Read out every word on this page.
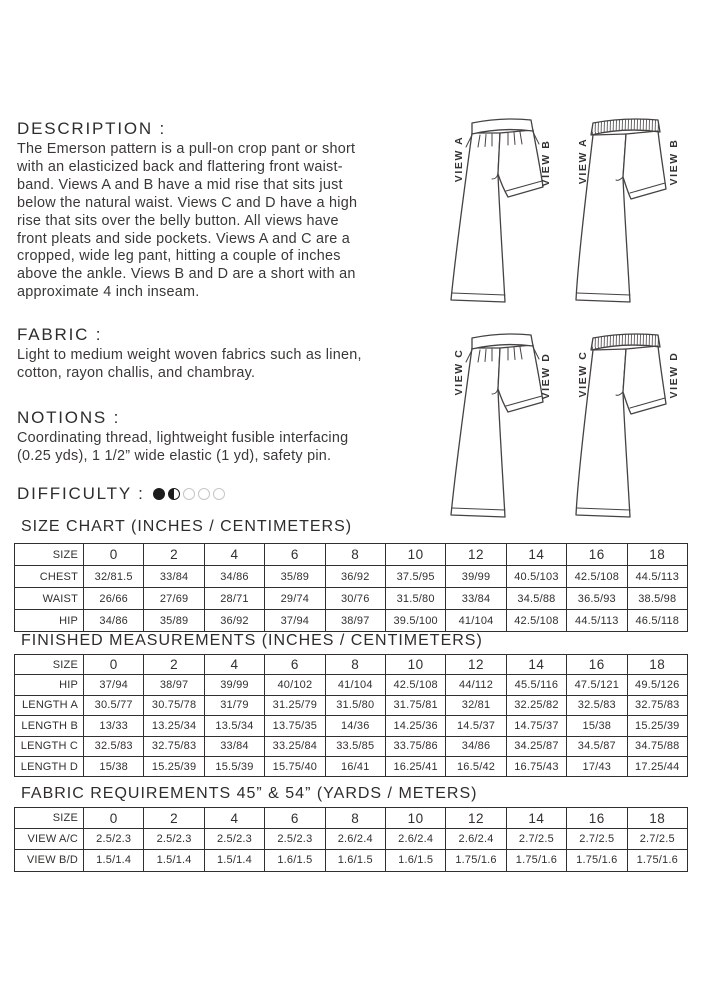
DESCRIPTION :
The Emerson pattern is a pull-on crop pant or short
with an elasticized back and flattering front waist-
band. Views A and B have a mid rise that sits just
below the natural waist. Views C and D have a high
rise that sits over the belly button. All views have
front pleats and side pockets. Views A and C are a
cropped, wide leg pant, hitting a couple of inches
above the ankle. Views B and D are a short with an
approximate 4 inch inseam.
FABRIC :
Light to medium weight woven fabrics such as linen,
cotton, rayon challis, and chambray.
NOTIONS :
Coordinating thread, lightweight fusible interfacing
(0.25 yds), 1 1/2” wide elastic (1 yd), safety pin.
DIFFICULTY :
VIEW A	VIEW B VIEW A	VIEW B
VIEW C	VIEW D VIEW C	VIEW D
SIZE CHART (INCHES / CENTIMETERS)
SIZE	0	2	4	6	8	10	12	14	16	18
CHEST	32/81.5	33/84	34/86	35/89	36/92	37.5/95	39/99	40.5/103	42.5/108	44.5/113
WAIST	26/66	27/69	28/71	29/74	30/76	31.5/80	33/84	34.5/88	36.5/93	38.5/98
HIP	34/86	35/89	36/92	37/94	38/97	39.5/100	41/104	42.5/108	44.5/113	46.5/118
FINISHED MEASUREMENTS (INCHES / CENTIMETERS)
SIZE	0	2	4	6	8	10	12	14	16	18
HIP	37/94	38/97	39/99	40/102	41/104	42.5/108	44/112	45.5/116	47.5/121	49.5/126
LENGTH A	30.5/77	30.75/78	31/79	31.25/79	31.5/80	31.75/81	32/81	32.25/82	32.5/83	32.75/83
LENGTH B	13/33	13.25/34	13.5/34	13.75/35	14/36	14.25/36	14.5/37	14.75/37	15/38	15.25/39
LENGTH C	32.5/83	32.75/83	33/84	33.25/84	33.5/85	33.75/86	34/86	34.25/87	34.5/87	34.75/88
LENGTH D	15/38	15.25/39	15.5/39	15.75/40	16/41	16.25/41	16.5/42	16.75/43	17/43	17.25/44
FABRIC REQUIREMENTS 45” & 54” (YARDS / METERS)
SIZE	0	2	4	6	8	10	12	14	16	18
VIEW A/C	2.5/2.3	2.5/2.3	2.5/2.3	2.5/2.3	2.6/2.4	2.6/2.4	2.6/2.4	2.7/2.5	2.7/2.5	2.7/2.5
VIEW B/D	1.5/1.4	1.5/1.4	1.5/1.4	1.6/1.5	1.6/1.5	1.6/1.5	1.75/1.6	1.75/1.6	1.75/1.6	1.75/1.6
